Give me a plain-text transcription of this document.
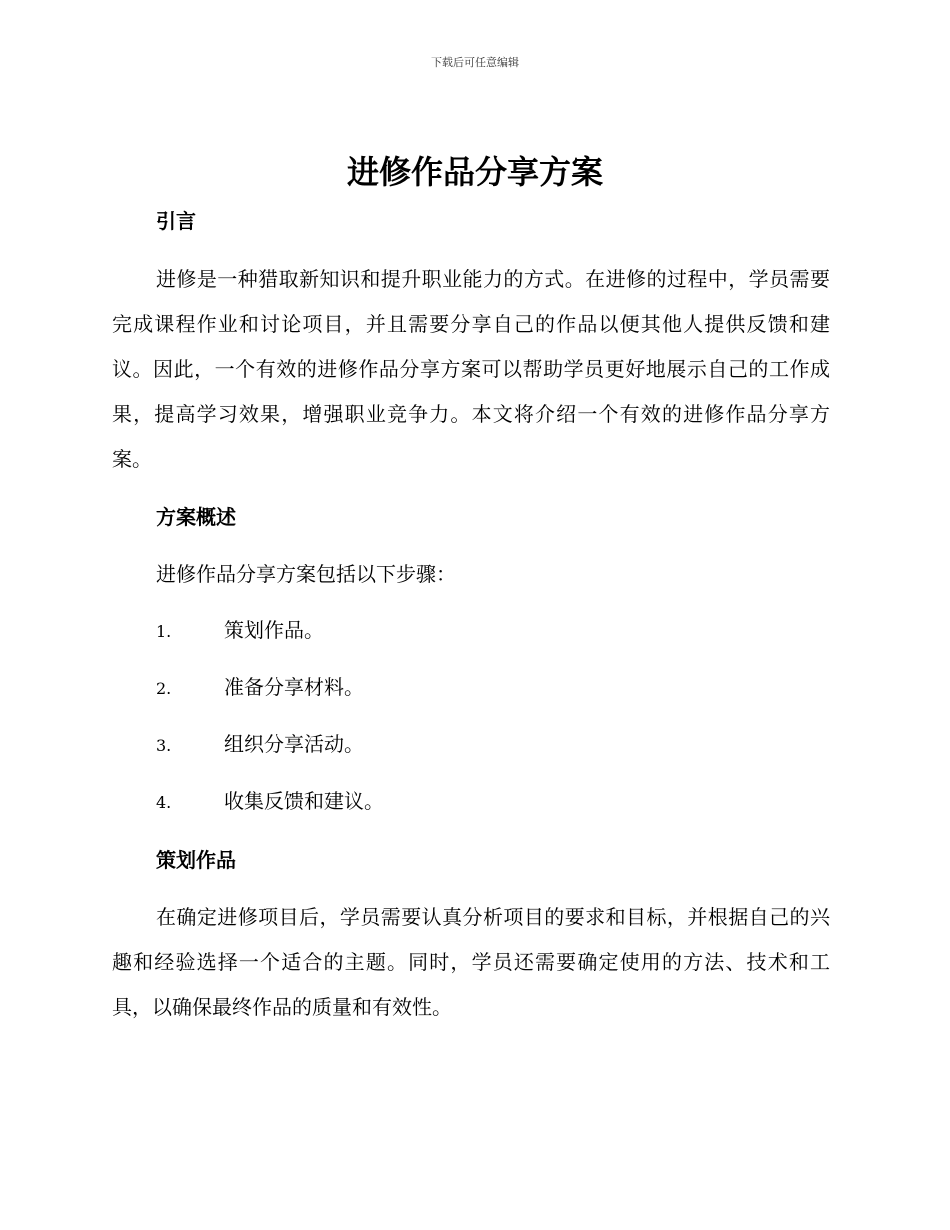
下载后可任意编辑
进修作品分享方案
引言

进修是一种猎取新知识和提升职业能力的方式。在进修的过程中，学员需要完成课程作业和讨论项目，并且需要分享自己的作品以便其他人提供反馈和建议。因此，一个有效的进修作品分享方案可以帮助学员更好地展示自己的工作成果，提高学习效果，增强职业竞争力。本文将介绍一个有效的进修作品分享方案。

方案概述

进修作品分享方案包括以下步骤：

1.	策划作品。
2.	准备分享材料。
3.	组织分享活动。
4.	收集反馈和建议。
策划作品

在确定进修项目后，学员需要认真分析项目的要求和目标，并根据自己的兴趣和经验选择一个适合的主题。同时，学员还需要确定使用的方法、技术和工具，以确保最终作品的质量和有效性。
